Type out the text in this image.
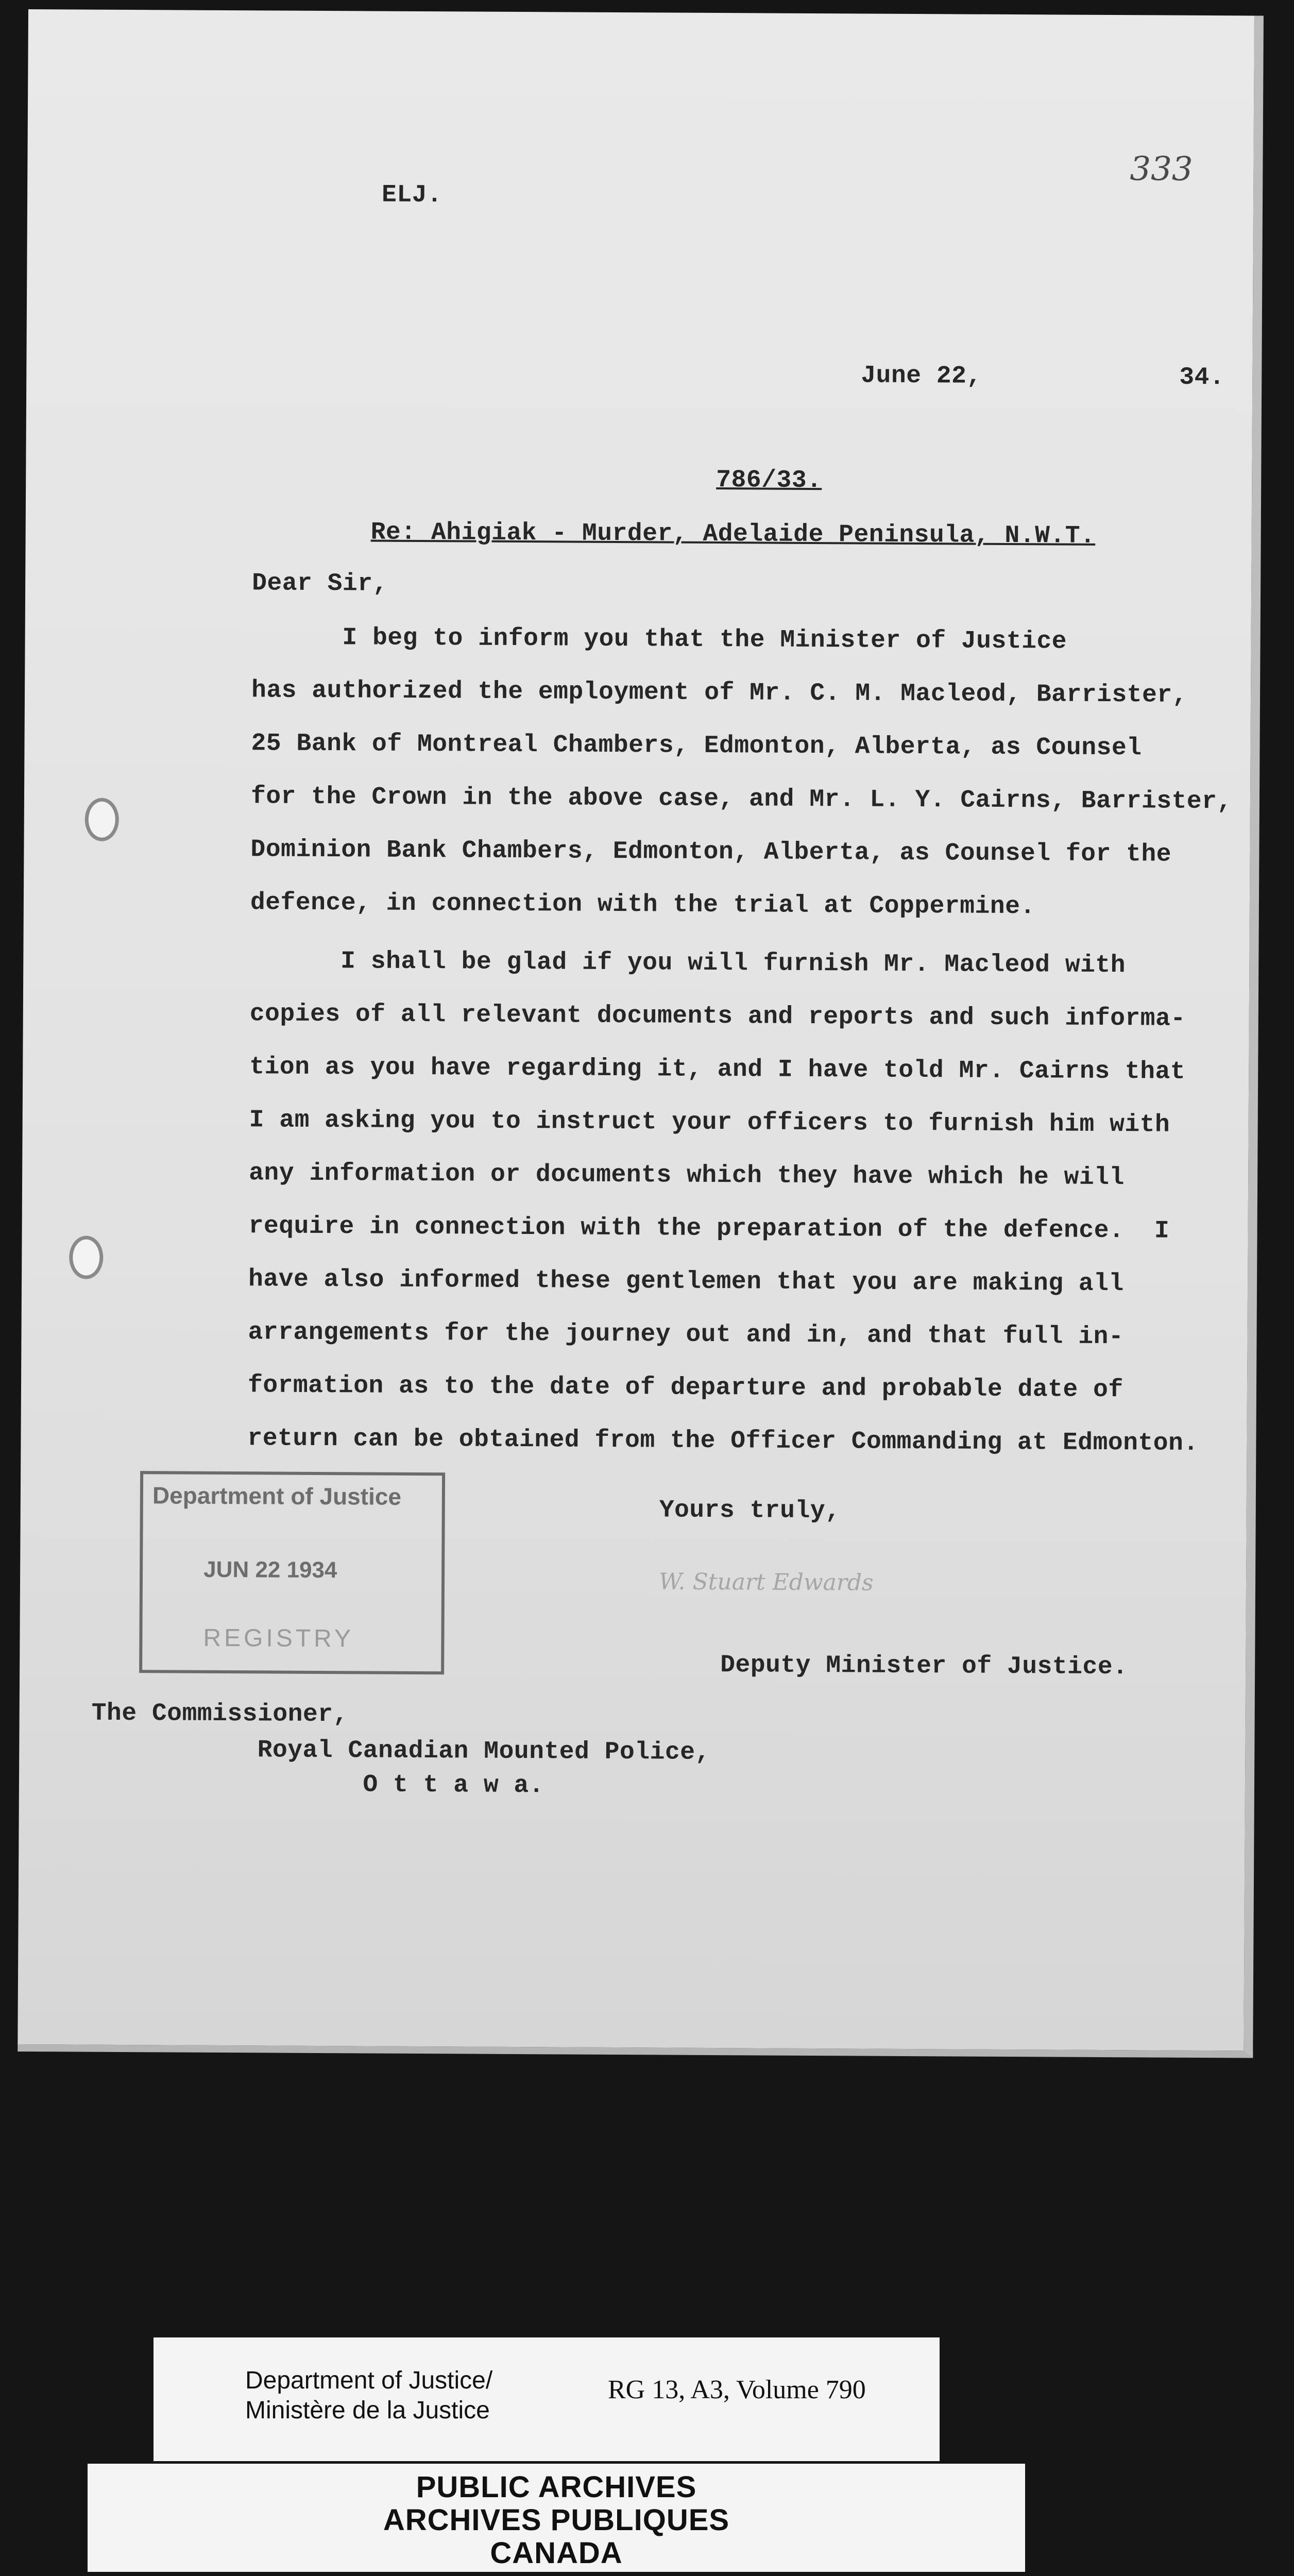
ELJ.
333
June 22,	34.
786/33.
Re: Ahigiak - Murder, Adelaide Peninsula, N.W.T.
Dear Sir,
I beg to inform you that the Minister of Justice
has authorized the employment of Mr. C. M. Macleod, Barrister,
25 Bank of Montreal Chambers, Edmonton, Alberta, as Counsel
for the Crown in the above case, and Mr. L. Y. Cairns, Barrister,
Dominion Bank Chambers, Edmonton, Alberta, as Counsel for the
defence, in connection with the trial at Coppermine.
I shall be glad if you will furnish Mr. Macleod with
copies of all relevant documents and reports and such informa-
tion as you have regarding it, and I have told Mr. Cairns that
I am asking you to instruct your officers to furnish him with
any information or documents which they have which he will
require in connection with the preparation of the defence.  I
have also informed these gentlemen that you are making all
arrangements for the journey out and in, and that full in-
formation as to the date of departure and probable date of
return can be obtained from the Officer Commanding at Edmonton.
Yours truly,
W. Stuart Edwards
Deputy Minister of Justice.
The Commissioner,
Royal Canadian Mounted Police,
O t t a w a.
Department of Justice
JUN 22 1934
REGISTRY
Department of Justice/
Ministère de la Justice
RG 13, A3, Volume 790
PUBLIC ARCHIVES
ARCHIVES PUBLIQUES
CANADA
